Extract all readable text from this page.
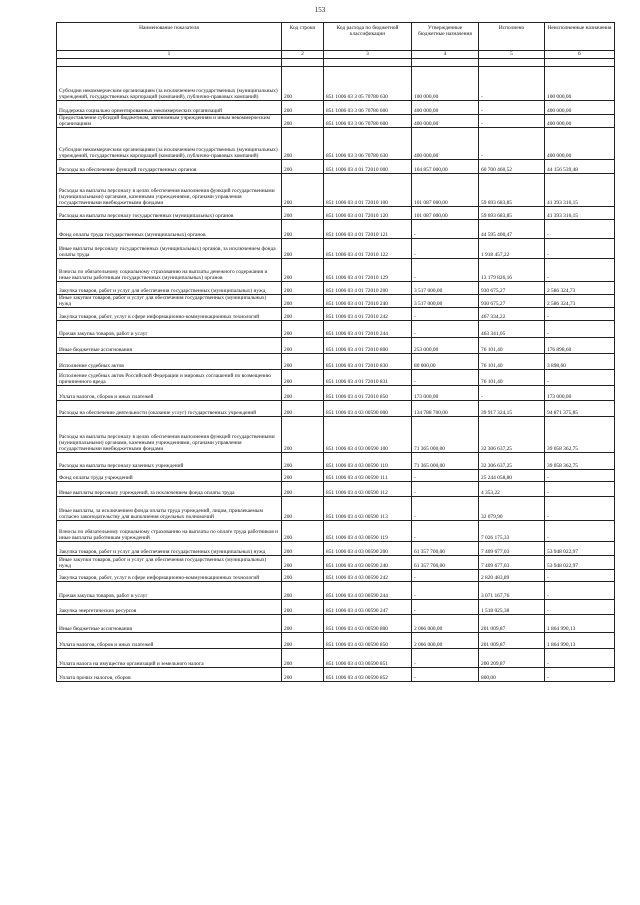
153
Наименование показателя	Код строки	Код расхода по бюджетной классификации	Утвержденные бюджетные назначения	Исполнено	Неисполненные назначения
1	2	3	4	5	6

Субсидии некоммерческим организациям (за исключением государственных (муниципальных) учреждений, государственных корпораций (компаний), публично-правовых компаний)	200	851 1006 03 3 05 70780 630	100 000,00	-	100 000,00
Поддержка социально ориентированных некоммерческих организаций	200	851 1006 03 3 06 70780 600	400 000,00	-	400 000,00
Предоставление субсидий бюджетным, автономным учреждениям и иным некоммерческим организациям	200	851 1006 03 3 06 70780 600	400 000,00	-	400 000,00
Субсидии некоммерческим организациям (за исключением государственных (муниципальных) учреждений, государственных корпораций (компаний), публично-правовых компаний)	200	851 1006 03 3 06 70780 630	400 000,00	-	400 000,00
Расходы на обеспечение функций государственных органов	200	851 1006 03 4 01 72010 000	104 857 000,00	60 700 460,52	44 156 539,48
Расходы на выплаты персоналу в целях обеспечения выполнения функций государственными (муниципальными) органами, казенными учреждениями, органами управления государственными внебюджетными фондами	200	851 1006 03 4 01 72010 100	101 087 000,00	59 693 683,85	41 393 316,15
Расходы на выплаты персоналу государственных (муниципальных) органов	200	851 1006 03 4 01 72010 120	101 087 000,00	59 693 683,85	41 393 316,15
Фонд оплаты труда государственных (муниципальных) органов	200	851 1006 03 4 01 72010 121	-	44 595 400,47	-
Иные выплаты персоналу государственных (муниципальных) органов, за исключением фонда оплаты труда	200	851 1006 03 4 01 72010 122	-	1 918 457,22	-
Взносы по обязательному социальному страхованию на выплаты денежного содержания и иные выплаты работникам государственных (муниципальных) органов	200	851 1006 03 4 01 72010 129	-	13 179 826,16	-
Закупка товаров, работ и услуг для обеспечения государственных (муниципальных) нужд	200	851 1006 03 4 01 72010 200	3 517 000,00	930 675,27	2 586 324,73
Иные закупки товаров, работ и услуг для обеспечения государственных (муниципальных) нужд	200	851 1006 03 4 01 72010 240	3 517 000,00	930 675,27	2 586 324,73
Закупка товаров, работ, услуг в сфере информационно-коммуникационных технологий	200	851 1006 03 4 01 72010 242	-	467 334,22	-
Прочая закупка товаров, работ и услуг	200	851 1006 03 4 01 72010 244	-	463 341,05	-
Иные бюджетные ассигнования	200	851 1006 03 4 01 72010 800	253 000,00	76 101,40	176 898,60
Исполнение судебных актов	200	851 1006 03 4 01 72010 830	80 000,00	76 101,40	3 898,60
Исполнение судебных актов Российской Федерации и мировых соглашений по возмещению причиненного вреда	200	851 1006 03 4 01 72010 831	-	76 101,40	-
Уплата налогов, сборов и иных платежей	200	851 1006 03 4 01 72010 850	173 000,00	-	173 000,00
Расходы на обеспечение деятельности (оказание услуг) государственных учреждений	200	851 1006 03 4 03 00590 000	134 788 700,00	39 917 324,15	94 871 375,85
Расходы на выплаты персоналу в целях обеспечения выполнения функций государственными (муниципальными) органами, казенными учреждениями, органами управления государственными внебюджетными фондами	200	851 1006 03 4 03 00590 100	71 365 000,00	32 306 637,25	39 058 362,75
Расходы на выплаты персоналу казенных учреждений	200	851 1006 03 4 03 00590 110	71 365 000,00	32 306 637,25	39 058 362,75
Фонд оплаты труда учреждений	200	851 1006 03 4 03 00590 111	-	25 244 058,80	-
Иные выплаты персоналу учреждений, за исключением фонда оплаты труда	200	851 1006 03 4 03 00590 112	-	4 353,22	-
Иные выплаты, за исключением фонда оплаты труда учреждений, лицам, привлекаемым согласно законодательству для выполнения отдельных полномочий	200	851 1006 03 4 03 00590 113	-	32 079,90	-
Взносы по обязательному социальному страхованию на выплаты по оплате труда работников и иные выплаты работникам учреждений	200	851 1006 03 4 03 00590 119	-	7 026 175,33	-
Закупка товаров, работ и услуг для обеспечения государственных (муниципальных) нужд	200	851 1006 03 4 03 00590 200	61 357 700,00	7 409 677,03	53 948 022,97
Иные закупки товаров, работ и услуг для обеспечения государственных (муниципальных) нужд	200	851 1006 03 4 03 00590 240	61 357 700,00	7 409 677,03	53 948 022,97
Закупка товаров, работ, услуг в сфере информационно-коммуникационных технологий	200	851 1006 03 4 03 00590 242	-	2 820 483,89	-
Прочая закупка товаров, работ и услуг	200	851 1006 03 4 03 00590 244	-	3 071 167,76	-
Закупка энергетических ресурсов	200	851 1006 03 4 03 00590 247	-	1 518 025,38	-
Иные бюджетные ассигнования	200	851 1006 03 4 03 00590 800	2 066 000,00	201 009,87	1 864 990,13
Уплата налогов, сборов и иных платежей	200	851 1006 03 4 03 00590 850	2 066 000,00	201 009,87	1 864 990,13
Уплата налога на имущество организаций и земельного налога	200	851 1006 03 4 03 00590 851	-	200 209,87	-
Уплата прочих налогов, сборов	200	851 1006 03 4 03 00590 852	-	800,00	-
